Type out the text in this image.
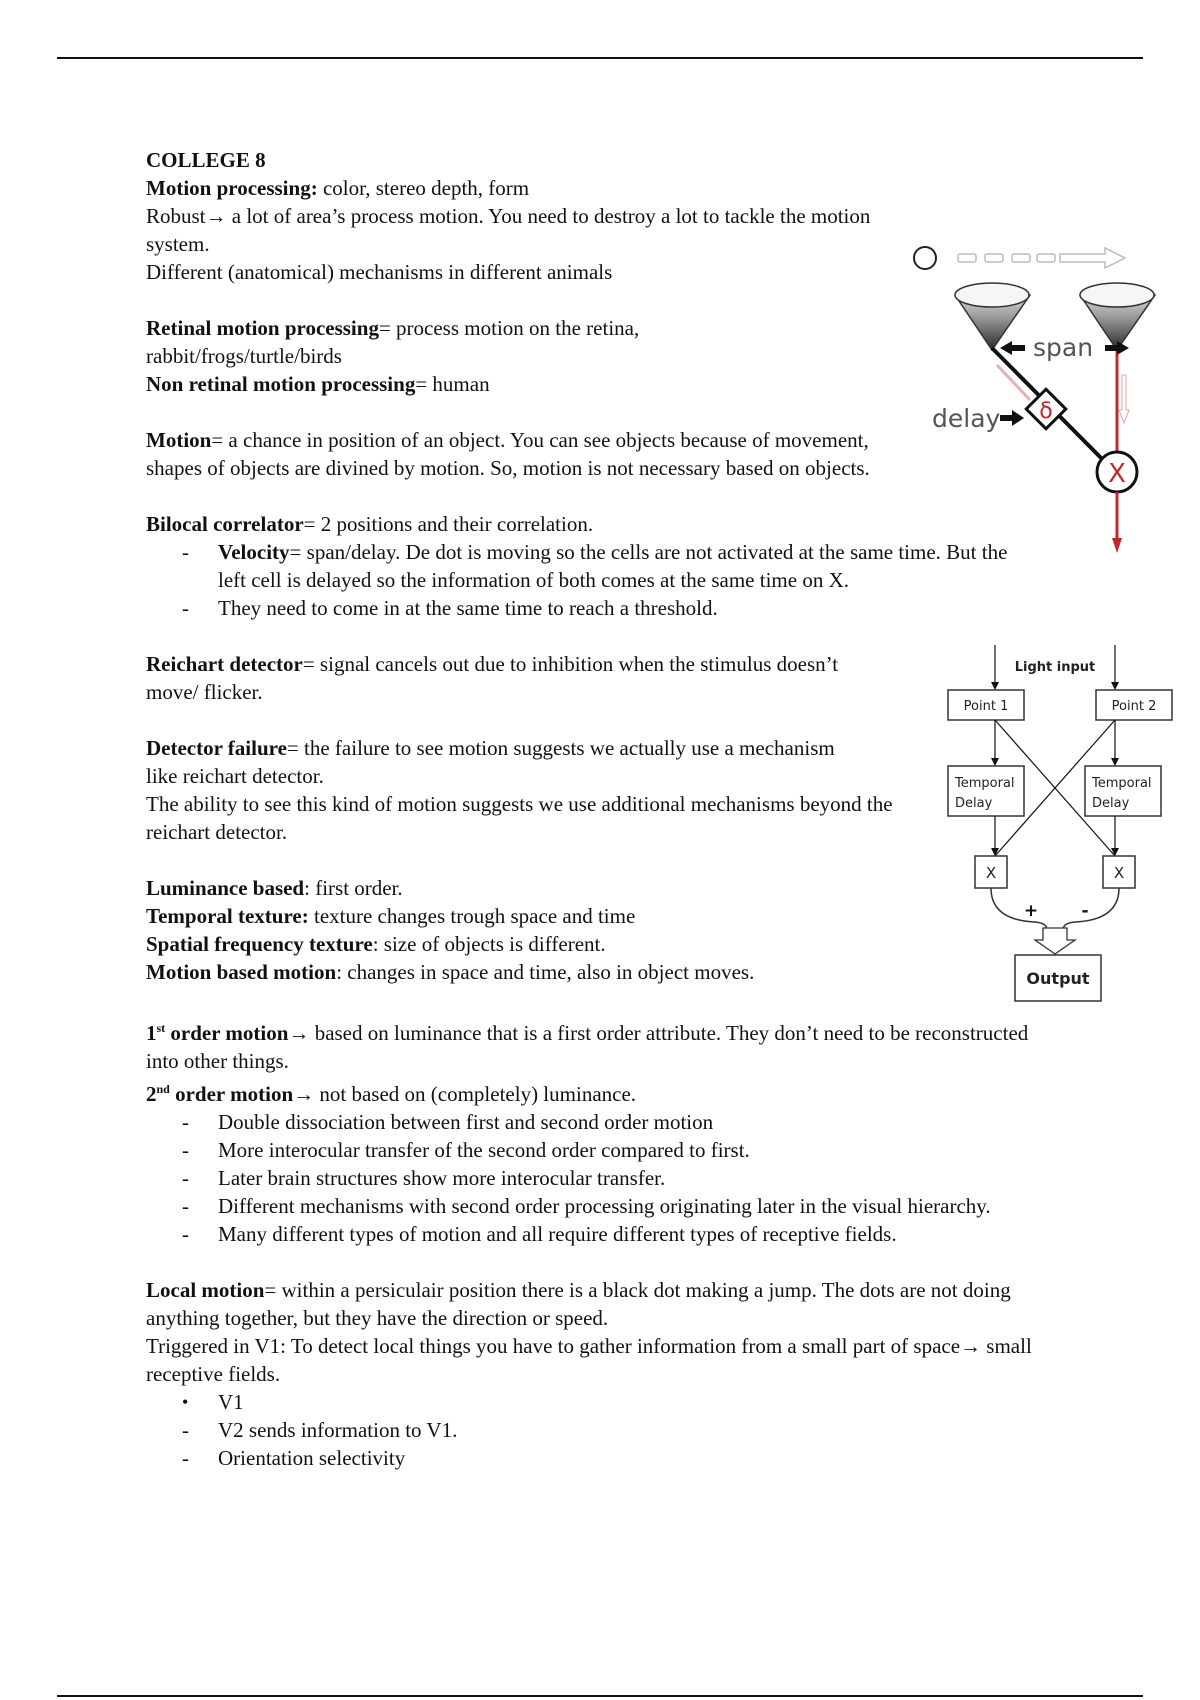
COLLEGE 8

Motion processing: color, stereo depth, form

Robust→ a lot of area’s process motion. You need to destroy a lot to tackle the motion system.

Different (anatomical) mechanisms in different animals

Retinal motion processing= process motion on the retina, rabbit/frogs/turtle/birds

Non retinal motion processing= human

Motion= a chance in position of an object. You can see objects because of movement, shapes of objects are divined by motion. So, motion is not necessary based on objects.

Bilocal correlator= 2 positions and their correlation.

- Velocity= span/delay. De dot is moving so the cells are not activated at the same time. But the left cell is delayed so the information of both comes at the same time on X.
- They need to come in at the same time to reach a threshold.

Reichart detector= signal cancels out due to inhibition when the stimulus doesn’t move/ flicker.

Detector failure= the failure to see motion suggests we actually use a mechanism like reichart detector.

The ability to see this kind of motion suggests we use additional mechanisms beyond the reichart detector.

Luminance based: first order.

Temporal texture: texture changes trough space and time

Spatial frequency texture: size of objects is different.

Motion based motion: changes in space and time, also in object moves.

1st order motion→ based on luminance that is a first order attribute. They don’t need to be reconstructed into other things.

2nd order motion→ not based on (completely) luminance.

- Double dissociation between first and second order motion
- More interocular transfer of the second order compared to first.
- Later brain structures show more interocular transfer.
- Different mechanisms with second order processing originating later in the visual hierarchy.
- Many different types of motion and all require different types of receptive fields.

Local motion= within a persiculair position there is a black dot making a jump. The dots are not doing anything together, but they have the direction or speed.

Triggered in V1: To detect local things you have to gather information from a small part of space→ small receptive fields.

• V1
- V2 sends information to V1.
- Orientation selectivity
span
delay δ
X
Light input
Point 1	Point 2
Temporal
Delay
Temporal
Delay
X	X
+	-
Output
